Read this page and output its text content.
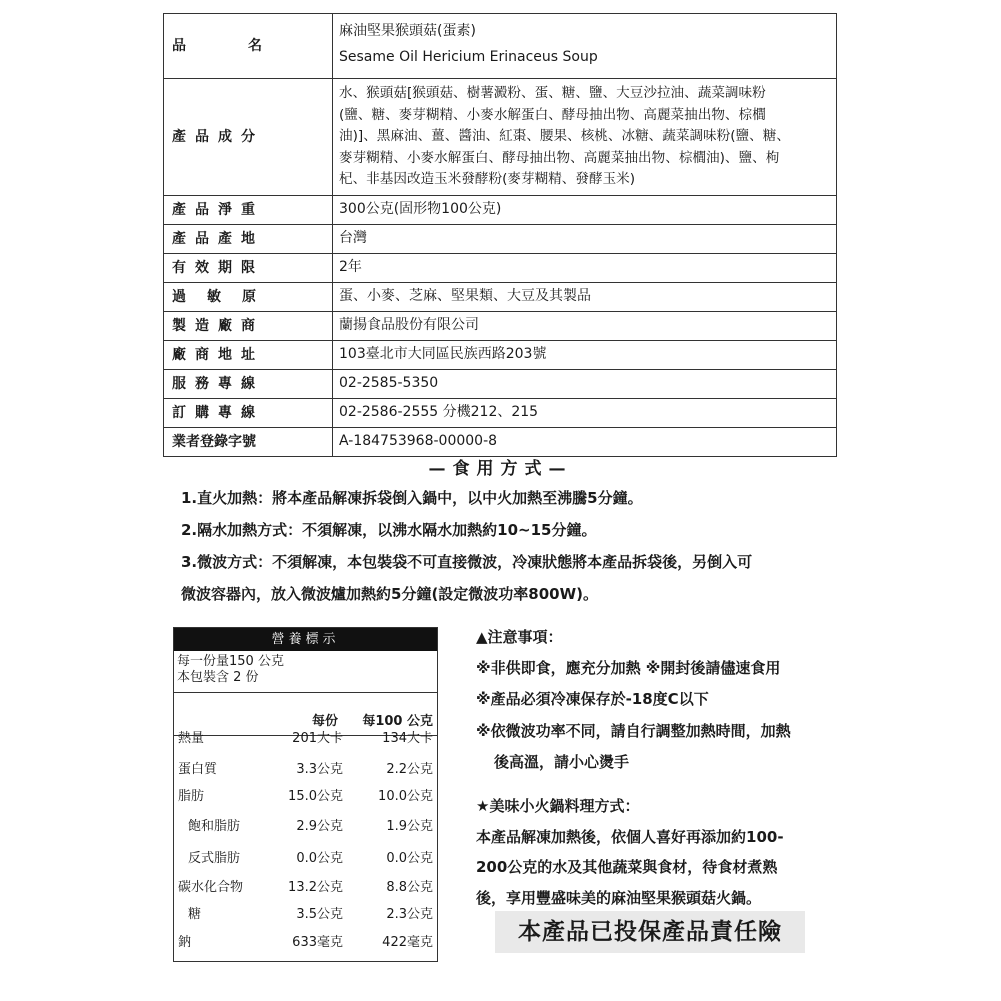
品名	麻油堅果猴頭菇(蛋素)
Sesame Oil Hericium Erinaceus Soup

產品成分	水、猴頭菇[猴頭菇、樹薯澱粉、蛋、糖、鹽、大豆沙拉油、蔬菜調味粉
(鹽、糖、麥芽糊精、小麥水解蛋白、酵母抽出物、高麗菜抽出物、棕櫚
油)]、黑麻油、薑、醬油、紅棗、腰果、核桃、冰糖、蔬菜調味粉(鹽、糖、
麥芽糊精、小麥水解蛋白、酵母抽出物、高麗菜抽出物、棕櫚油)、鹽、枸
杞、非基因改造玉米發酵粉(麥芽糊精、發酵玉米)

產品淨重	300公克(固形物100公克)
產品產地	台灣
有效期限	2年
過敏原	蛋、小麥、芝麻、堅果類、大豆及其製品
製造廠商	蘭揚食品股份有限公司
廠商地址	103臺北市大同區民族西路203號
服務專線	02-2585-5350
訂購專線	02-2586-2555 分機212、215
業者登錄字號	A-184753968-00000-8
—食用方式—
1.直火加熱：將本產品解凍拆袋倒入鍋中，以中火加熱至沸騰5分鐘。
2.隔水加熱方式：不須解凍，以沸水隔水加熱約10~15分鐘。
3.微波方式：不須解凍，本包裝袋不可直接微波，冷凍狀態將本產品拆袋後，另倒入可
微波容器內，放入微波爐加熱約5分鐘(設定微波功率800W)。
營養標示
每一份量150 公克
本包裝含 2 份
每份 每100 公克
熱量	201大卡	134大卡
蛋白質	3.3公克	2.2公克
脂肪	15.0公克	10.0公克
飽和脂肪	2.9公克	1.9公克
反式脂肪	0.0公克	0.0公克
碳水化合物	13.2公克	8.8公克
糖	3.5公克	2.3公克
鈉	633毫克	422毫克
▲注意事項：
※非供即食，應充分加熱 ※開封後請儘速食用
※產品必須冷凍保存於-18度C以下
※依微波功率不同，請自行調整加熱時間，加熱
後高溫，請小心燙手
★美味小火鍋料理方式：
本產品解凍加熱後，依個人喜好再添加約100-
200公克的水及其他蔬菜與食材，待食材煮熟
後，享用豐盛味美的麻油堅果猴頭菇火鍋。
本產品已投保產品責任險
